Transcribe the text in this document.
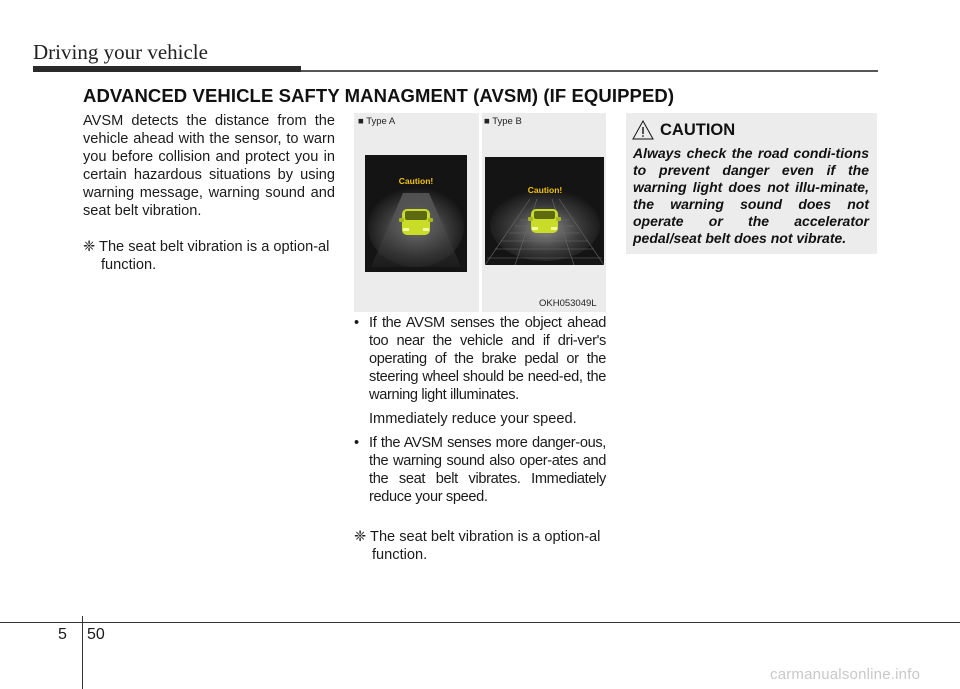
Driving your vehicle
ADVANCED VEHICLE SAFTY MANAGMENT (AVSM) (IF EQUIPPED)
AVSM detects the distance from the vehicle ahead with the sensor, to warn you before collision and protect you in certain hazardous situations by using warning message, warning sound and seat belt vibration.
❈ The seat belt vibration is a option-al function.
■ Type A	■ Type B
Caution!
Caution!
OKH053049L
• If the AVSM senses the object ahead too near the vehicle and if dri-ver's operating of the brake pedal or the steering wheel should be need-ed, the warning light illuminates.
Immediately reduce your speed.
• If the AVSM senses more danger-ous, the warning sound also oper-ates and the seat belt vibrates. Immediately reduce your speed.
❈ The seat belt vibration is a option-al function.
CAUTION
Always check the road condi-tions to prevent danger even if the warning light does not illu-minate, the warning sound does not operate or the accelerator pedal/seat belt does not vibrate.
5 50
carmanualsonline.info
